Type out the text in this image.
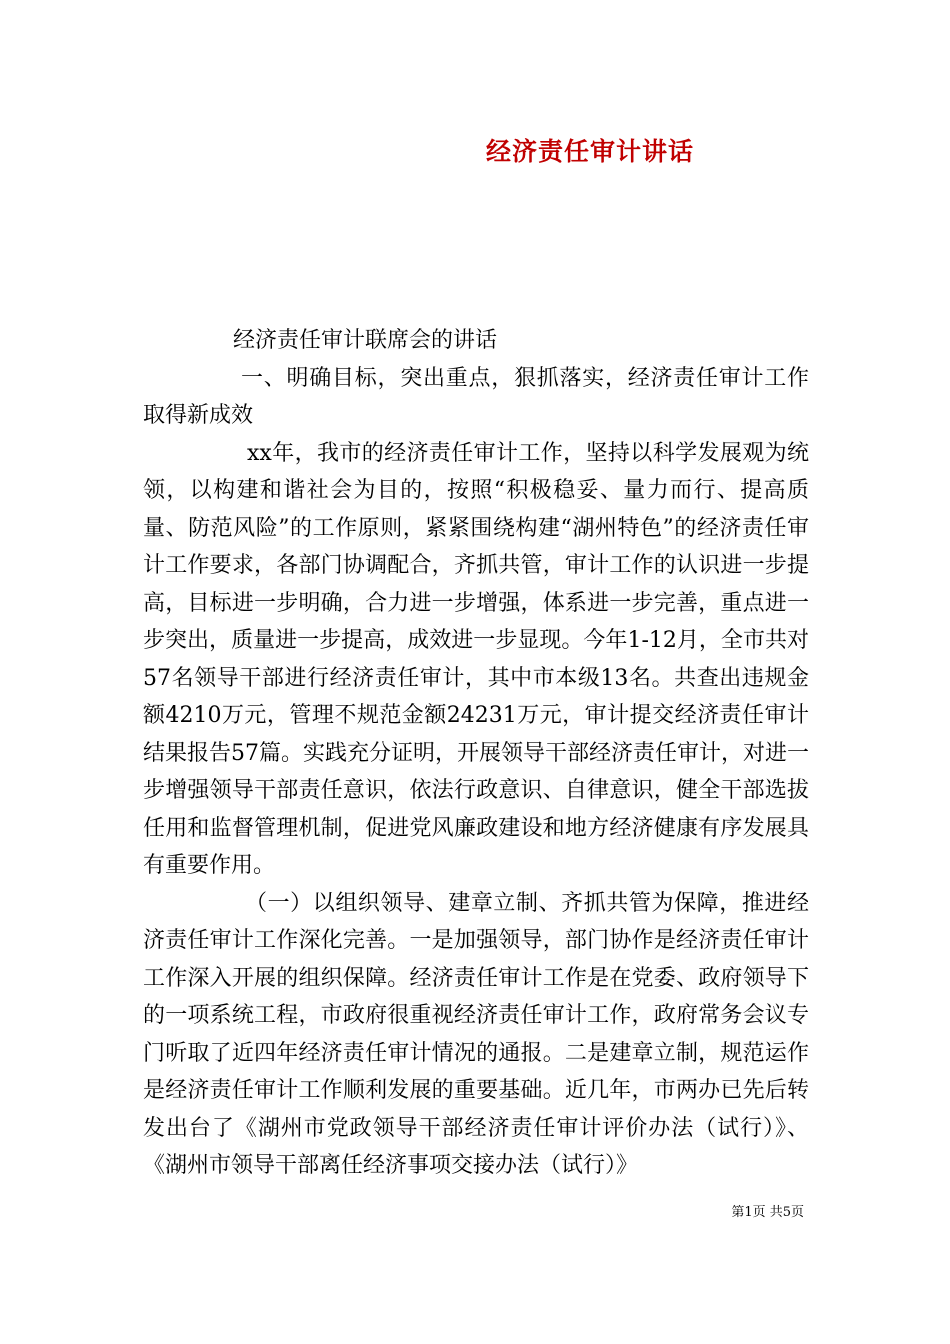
经济责任审计讲话

经济责任审计联席会的讲话

一、明确目标，突出重点，狠抓落实，经济责任审计工作取得新成效

xx年，我市的经济责任审计工作，坚持以科学发展观为统领，以构建和谐社会为目的，按照“积极稳妥、量力而行、提高质量、防范风险”的工作原则，紧紧围绕构建“湖州特色”的经济责任审计工作要求，各部门协调配合，齐抓共管，审计工作的认识进一步提高，目标进一步明确，合力进一步增强，体系进一步完善，重点进一步突出，质量进一步提高，成效进一步显现。今年1-12月，全市共对57名领导干部进行经济责任审计，其中市本级13名。共查出违规金额4210万元，管理不规范金额24231万元，审计提交经济责任审计结果报告57篇。实践充分证明，开展领导干部经济责任审计，对进一步增强领导干部责任意识，依法行政意识、自律意识，健全干部选拔任用和监督管理机制，促进党风廉政建设和地方经济健康有序发展具有重要作用。

（一）以组织领导、建章立制、齐抓共管为保障，推进经济责任审计工作深化完善。一是加强领导，部门协作是经济责任审计工作深入开展的组织保障。经济责任审计工作是在党委、政府领导下的一项系统工程，市政府很重视经济责任审计工作，政府常务会议专门听取了近四年经济责任审计情况的通报。二是建章立制，规范运作是经济责任审计工作顺利发展的重要基础。近几年，市两办已先后转发出台了《湖州市党政领导干部经济责任审计评价办法（试行）》、《湖州市领导干部离任经济事项交接办法（试行）》

第1页 共5页
